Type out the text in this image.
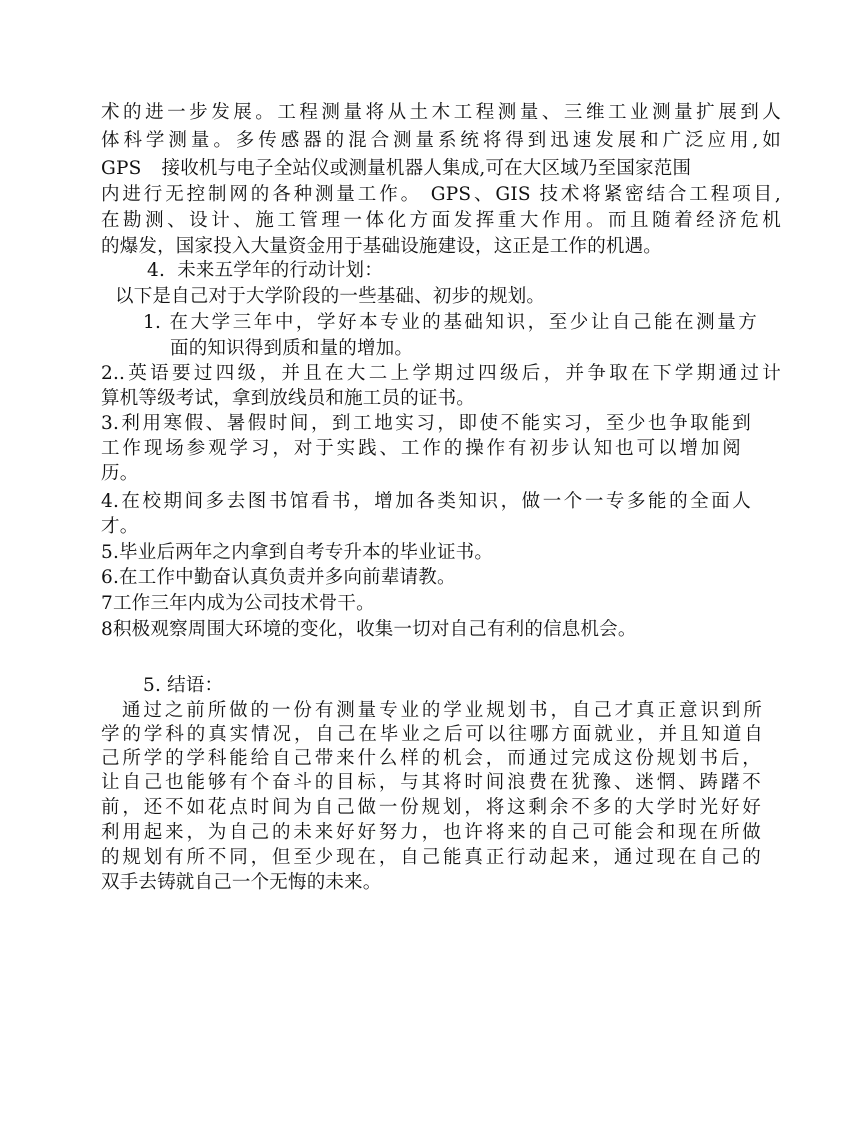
术的进一步发展。工程测量将从土木工程测量、三维工业测量扩展到人
体科学测量。多传感器的混合测量系统将得到迅速发展和广泛应用,如
GPS 接收机与电子全站仪或测量机器人集成,可在大区域乃至国家范围
内进行无控制网的各种测量工作。 GPS、GIS 技术将紧密结合工程项目,
在勘测、设计、施工管理一体化方面发挥重大作用。而且随着经济危机
的爆发，国家投入大量资金用于基础设施建设，这正是工作的机遇。
4.  未来五学年的行动计划：
以下是自己对于大学阶段的一些基础、初步的规划。
1. 在大学三年中，学好本专业的基础知识，至少让自己能在测量方
面的知识得到质和量的增加。
2..英语要过四级，并且在大二上学期过四级后，并争取在下学期通过计
算机等级考试，拿到放线员和施工员的证书。
3.利用寒假、暑假时间，到工地实习，即使不能实习，至少也争取能到
工作现场参观学习，对于实践、工作的操作有初步认知也可以增加阅
历。
4.在校期间多去图书馆看书，增加各类知识，做一个一专多能的全面人
才。
5.毕业后两年之内拿到自考专升本的毕业证书。
6.在工作中勤奋认真负责并多向前辈请教。
7工作三年内成为公司技术骨干。
8积极观察周围大环境的变化，收集一切对自己有利的信息机会。
5. 结语：
通过之前所做的一份有测量专业的学业规划书，自己才真正意识到所
学的学科的真实情况，自己在毕业之后可以往哪方面就业，并且知道自
己所学的学科能给自己带来什么样的机会，而通过完成这份规划书后，
让自己也能够有个奋斗的目标，与其将时间浪费在犹豫、迷惘、踌躇不
前，还不如花点时间为自己做一份规划，将这剩余不多的大学时光好好
利用起来，为自己的未来好好努力，也许将来的自己可能会和现在所做
的规划有所不同，但至少现在，自己能真正行动起来，通过现在自己的
双手去铸就自己一个无悔的未来。
